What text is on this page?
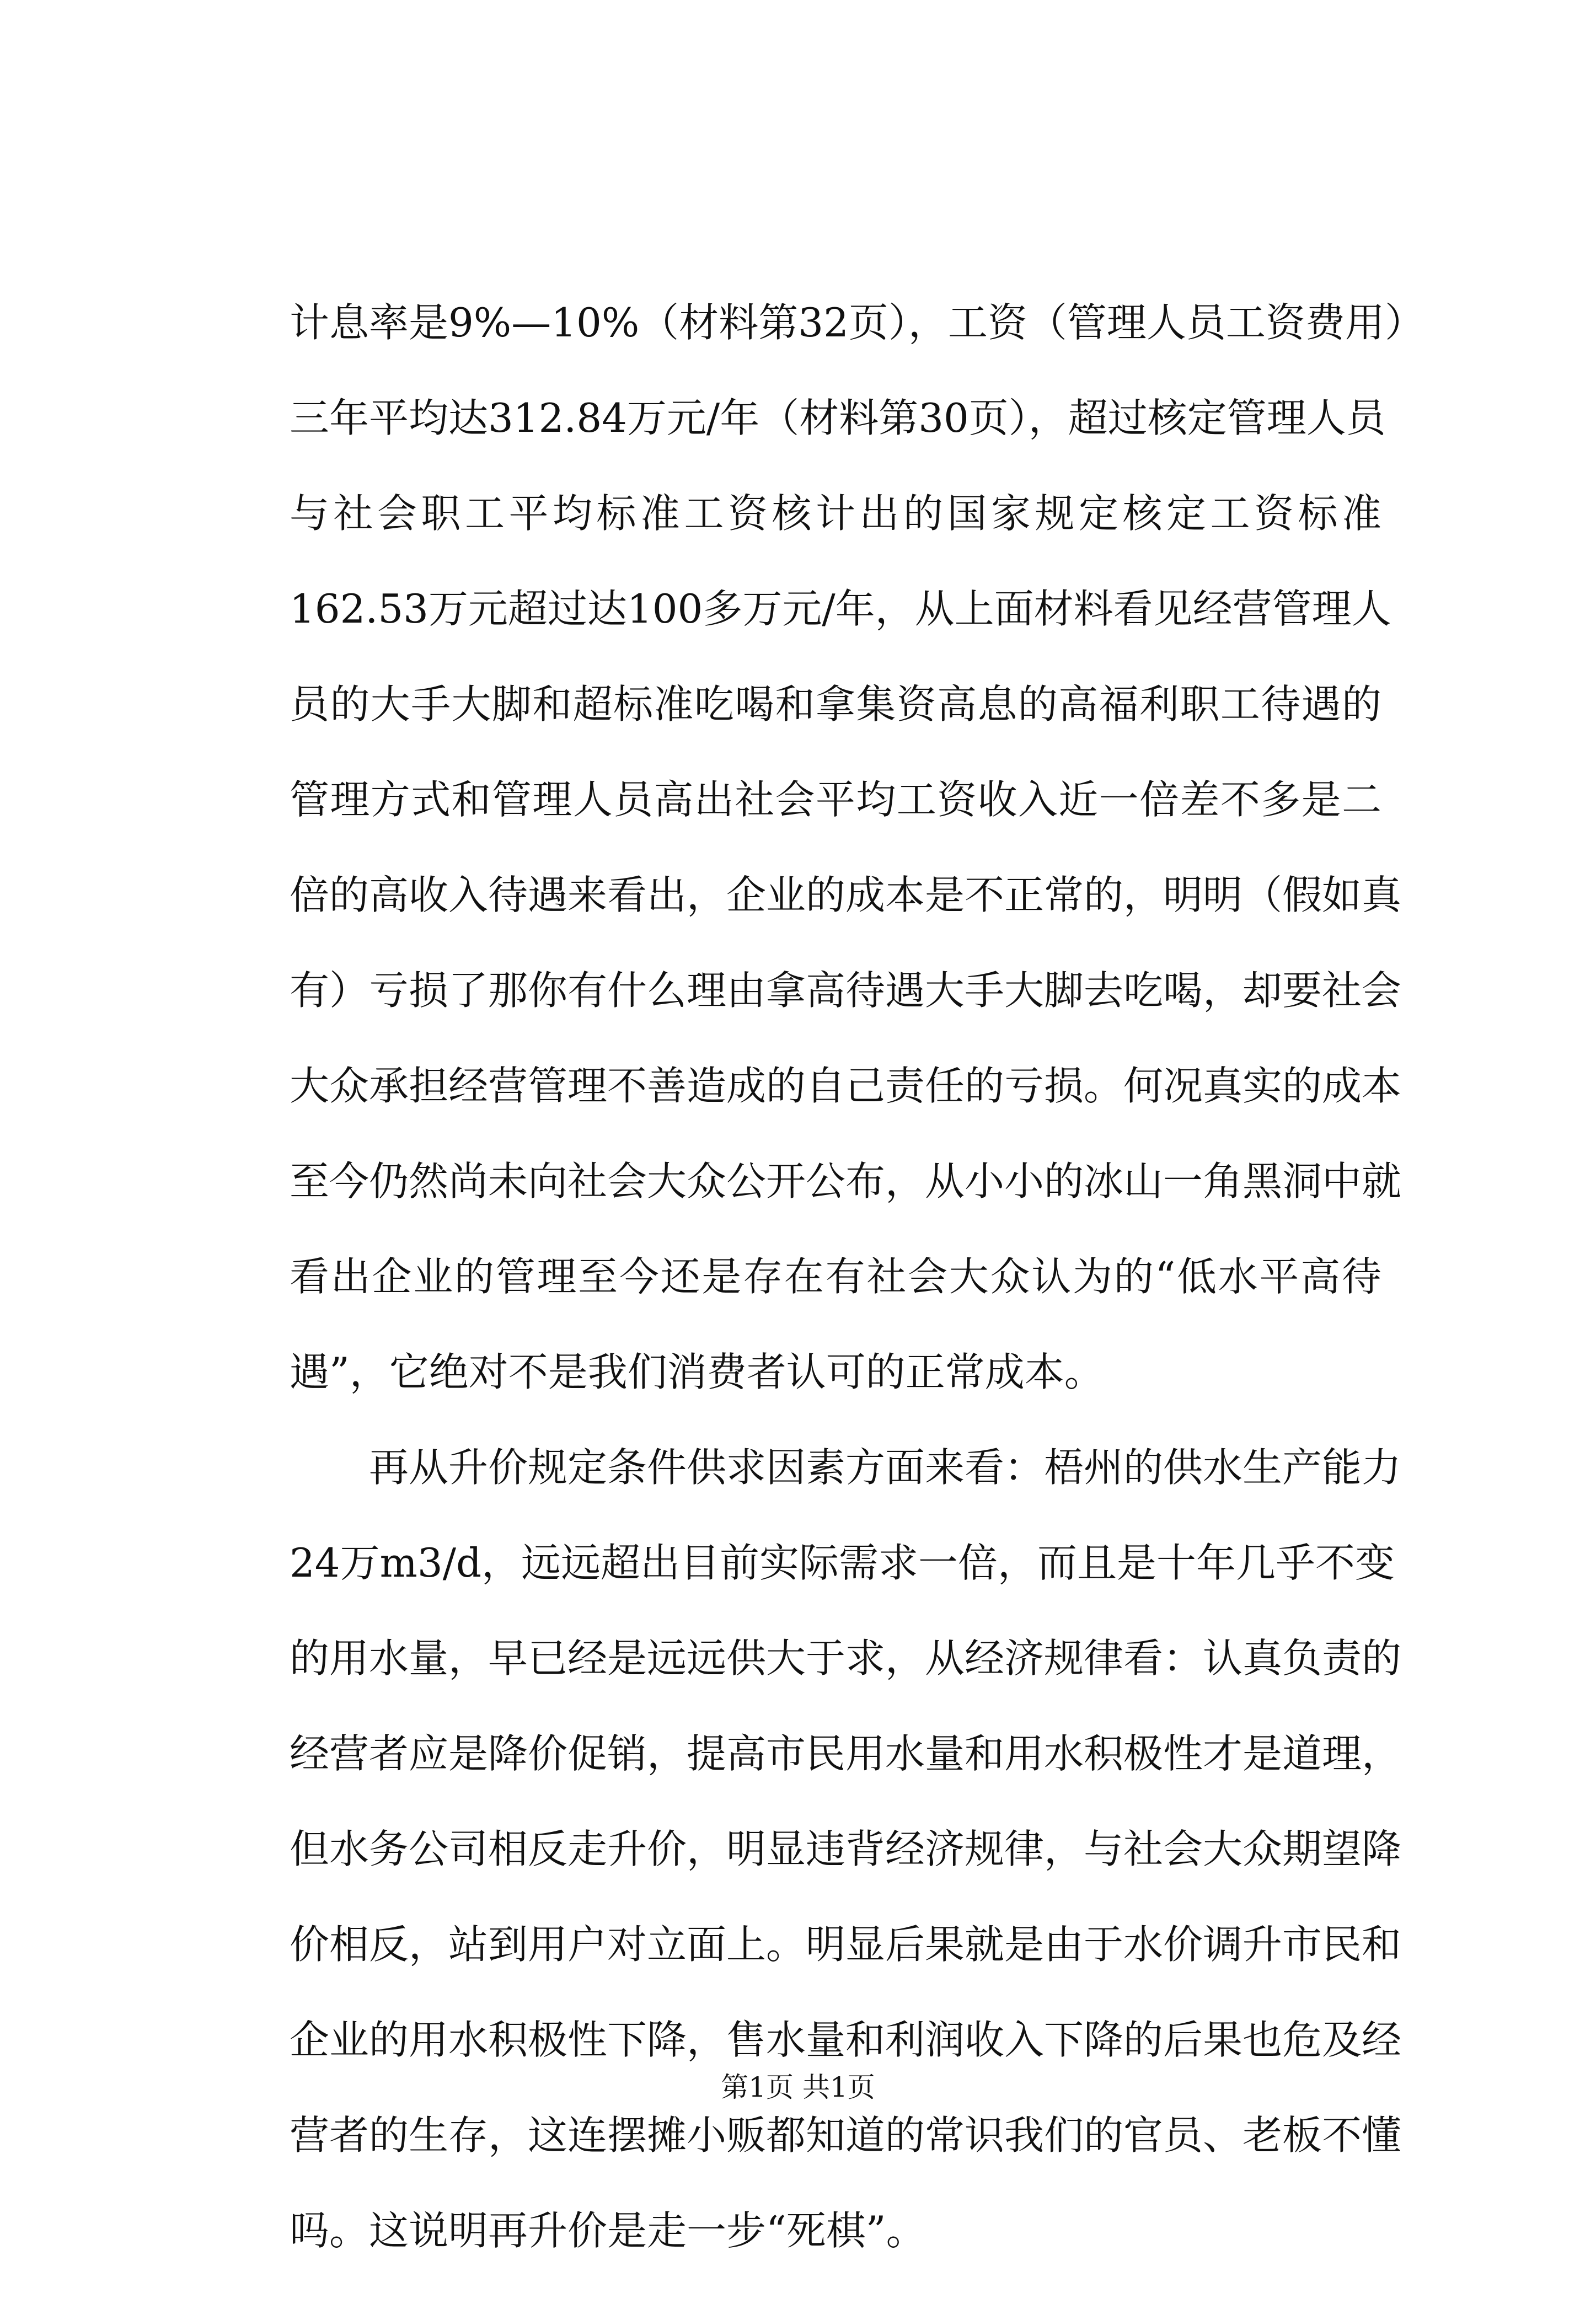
计息率是9%—10%（材料第32页），工资（管理人员工资费用）
三年平均达312.84万元/年（材料第30页），超过核定管理人员
与社会职工平均标准工资核计出的国家规定核定工资标准
162.53万元超过达100多万元/年，从上面材料看见经营管理人
员的大手大脚和超标准吃喝和拿集资高息的高福利职工待遇的
管理方式和管理人员高出社会平均工资收入近一倍差不多是二
倍的高收入待遇来看出，企业的成本是不正常的，明明（假如真
有）亏损了那你有什么理由拿高待遇大手大脚去吃喝，却要社会
大众承担经营管理不善造成的自己责任的亏损。何况真实的成本
至今仍然尚未向社会大众公开公布，从小小的冰山一角黑洞中就
看出企业的管理至今还是存在有社会大众认为的“低水平高待
遇”，它绝对不是我们消费者认可的正常成本。
再从升价规定条件供求因素方面来看：梧州的供水生产能力
24万m3/d，远远超出目前实际需求一倍，而且是十年几乎不变
的用水量，早已经是远远供大于求，从经济规律看：认真负责的
经营者应是降价促销，提高市民用水量和用水积极性才是道理，
但水务公司相反走升价，明显违背经济规律，与社会大众期望降
价相反，站到用户对立面上。明显后果就是由于水价调升市民和
企业的用水积极性下降，售水量和利润收入下降的后果也危及经
营者的生存，这连摆摊小贩都知道的常识我们的官员、老板不懂
吗。这说明再升价是走一步“死棋”。
第1页 共1页
